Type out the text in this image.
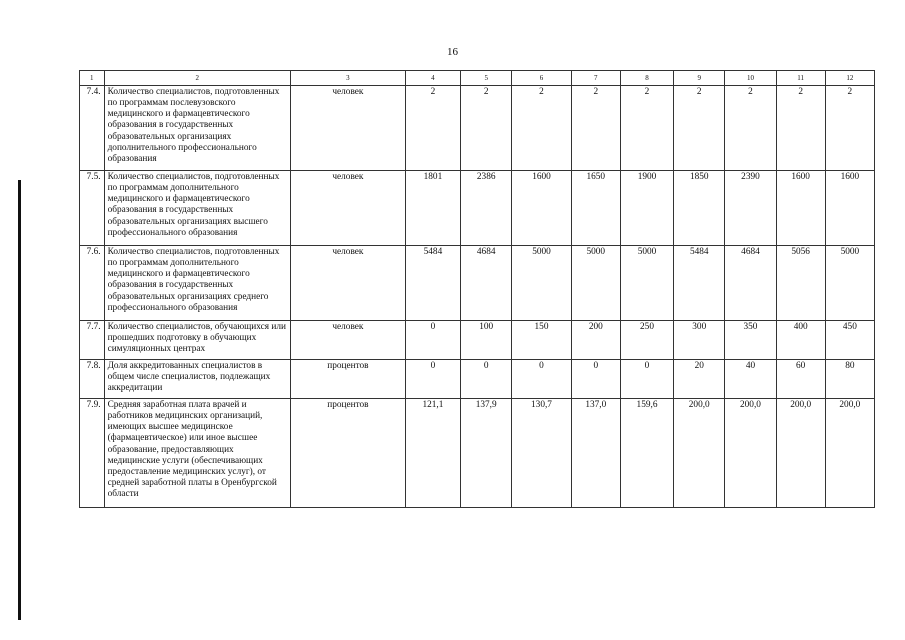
16
1	2	3	4	5	6	7	8	9	10	11	12
7.4.	Количество специалистов, подготовленных по программам послевузовского медицинского и фармацевтического образования в государственных образовательных организациях дополнительного профессионального образования	человек	2	2	2	2	2	2	2	2	2
7.5.	Количество специалистов, подготовленных по программам дополнительного медицинского и фармацевтического образования в государственных образовательных организациях высшего профессионального образования	человек	1801	2386	1600	1650	1900	1850	2390	1600	1600
7.6.	Количество специалистов, подготовленных по программам дополнительного медицинского и фармацевтического образования в государственных образовательных организациях среднего профессионального образования	человек	5484	4684	5000	5000	5000	5484	4684	5056	5000
7.7.	Количество специалистов, обучающихся или прошедших подготовку в обучающих симуляционных центрах	человек	0	100	150	200	250	300	350	400	450
7.8.	Доля аккредитованных специалистов в общем числе специалистов, подлежащих аккредитации	процентов	0	0	0	0	0	20	40	60	80
7.9.	Средняя заработная плата врачей и работников медицинских организаций, имеющих высшее медицинское (фармацевтическое) или иное высшее образование, предоставляющих медицинские услуги (обеспечивающих предоставление медицинских услуг), от средней заработной платы в Оренбургской области	процентов	121,1	137,9	130,7	137,0	159,6	200,0	200,0	200,0	200,0
